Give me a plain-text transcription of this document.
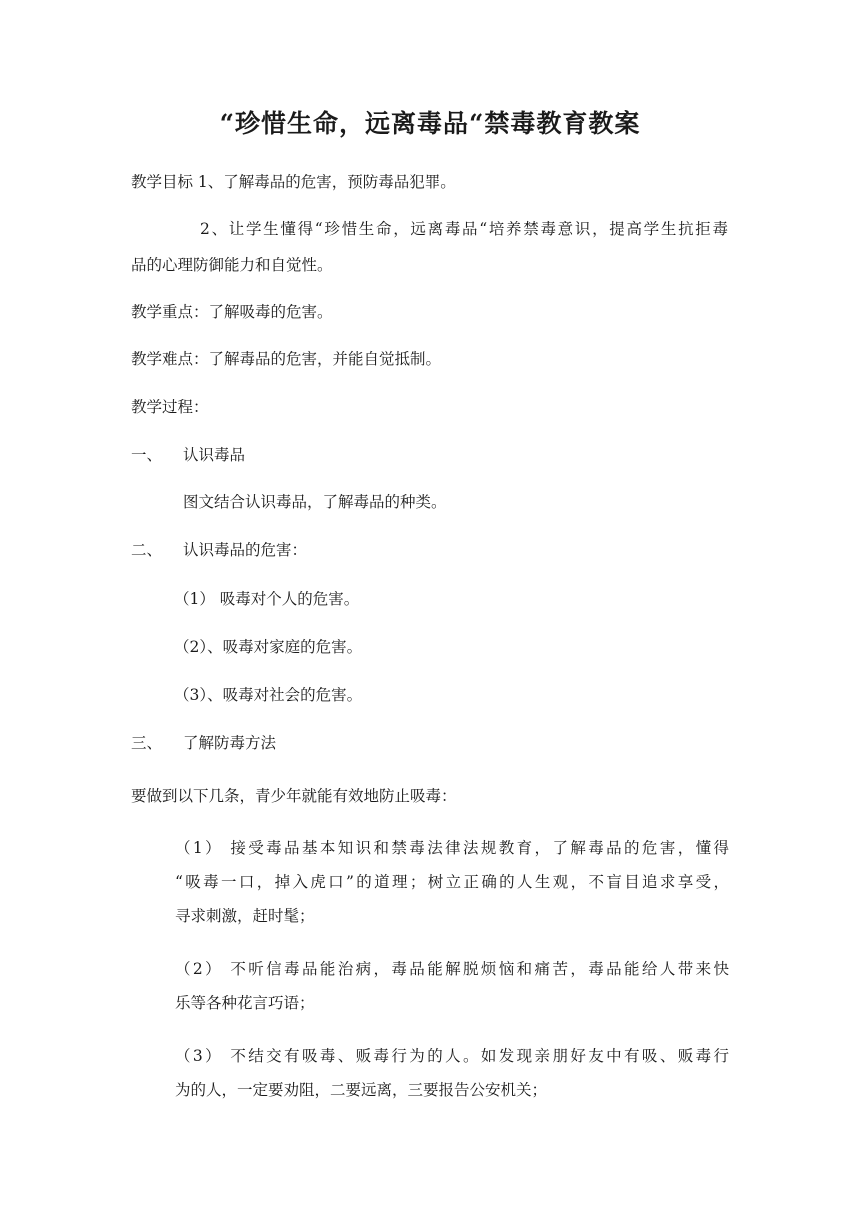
“珍惜生命，远离毒品“禁毒教育教案
教学目标 1、了解毒品的危害，预防毒品犯罪。
2、让学生懂得“珍惜生命，远离毒品“培养禁毒意识，提高学生抗拒毒
品的心理防御能力和自觉性。
教学重点：了解吸毒的危害。
教学难点：了解毒品的危害，并能自觉抵制。
教学过程：
一、 认识毒品
图文结合认识毒品，了解毒品的种类。
二、 认识毒品的危害：
（1） 吸毒对个人的危害。
（2）、吸毒对家庭的危害。
（3）、吸毒对社会的危害。
三、 了解防毒方法
要做到以下几条，青少年就能有效地防止吸毒：
（1） 接受毒品基本知识和禁毒法律法规教育，了解毒品的危害，懂得
“吸毒一口，掉入虎口”的道理；树立正确的人生观，不盲目追求享受，
寻求刺激，赶时髦；
（2） 不听信毒品能治病，毒品能解脱烦恼和痛苦，毒品能给人带来快
乐等各种花言巧语；
（3） 不结交有吸毒、贩毒行为的人。如发现亲朋好友中有吸、贩毒行
为的人，一定要劝阻，二要远离，三要报告公安机关；
